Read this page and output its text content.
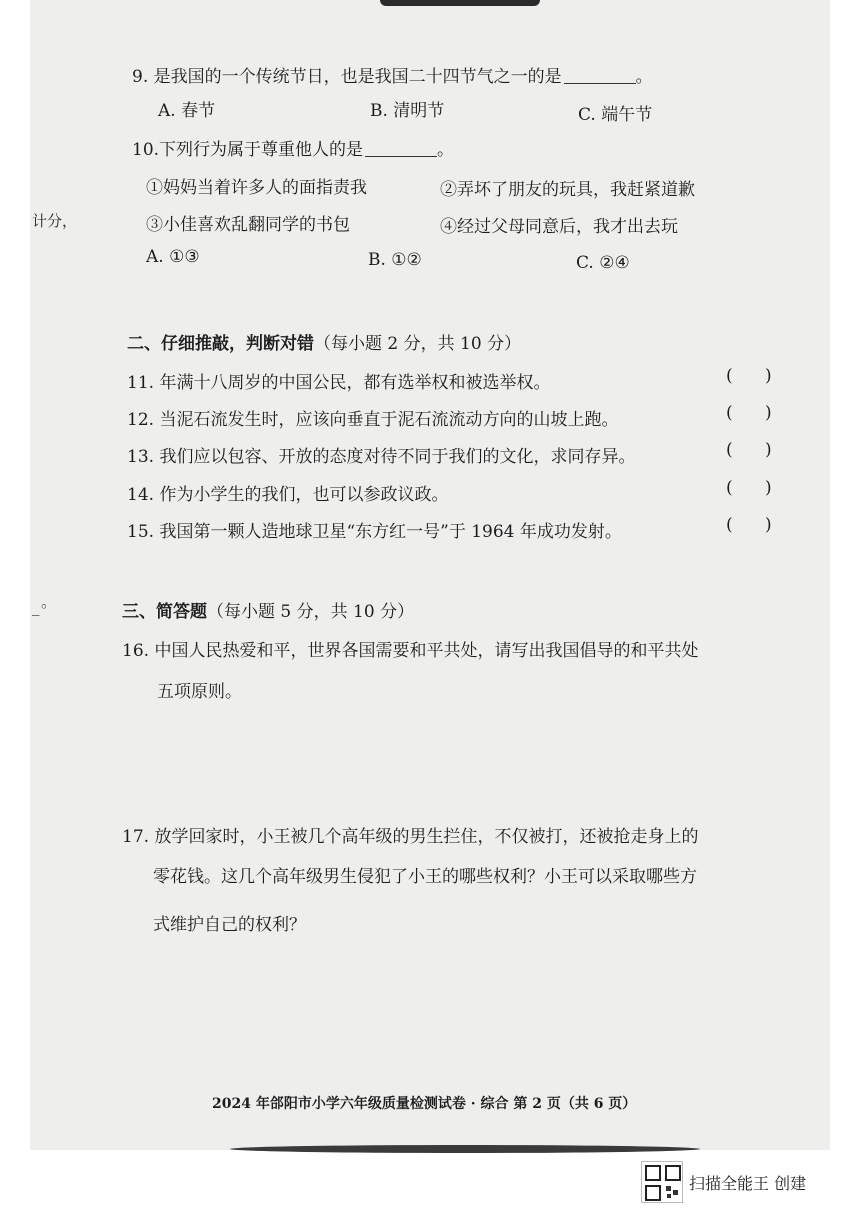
计分，
_◦
9. 是我国的一个传统节日，也是我国二十四节气之一的是	。
A. 春节	B. 清明节	C. 端午节
10.下列行为属于尊重他人的是	。
①妈妈当着许多人的面指责我	②弄坏了朋友的玩具，我赶紧道歉
③小佳喜欢乱翻同学的书包	④经过父母同意后，我才出去玩
A. ①③	B. ①②	C. ②④
二、仔细推敲，判断对错（每小题 2 分，共 10 分）
11. 年满十八周岁的中国公民，都有选举权和被选举权。	(      )
12. 当泥石流发生时，应该向垂直于泥石流流动方向的山坡上跑。	(      )
13. 我们应以包容、开放的态度对待不同于我们的文化，求同存异。	(      )
14. 作为小学生的我们，也可以参政议政。	(      )
15. 我国第一颗人造地球卫星“东方红一号”于 1964 年成功发射。	(      )
三、简答题（每小题 5 分，共 10 分）
16. 中国人民热爱和平，世界各国需要和平共处，请写出我国倡导的和平共处
五项原则。
17. 放学回家时，小王被几个高年级的男生拦住，不仅被打，还被抢走身上的
零花钱。这几个高年级男生侵犯了小王的哪些权利？小王可以采取哪些方
式维护自己的权利？
2024 年郃阳市小学六年级质量检测试卷 · 综合 第 2 页（共 6 页）
扫描全能王 创建
